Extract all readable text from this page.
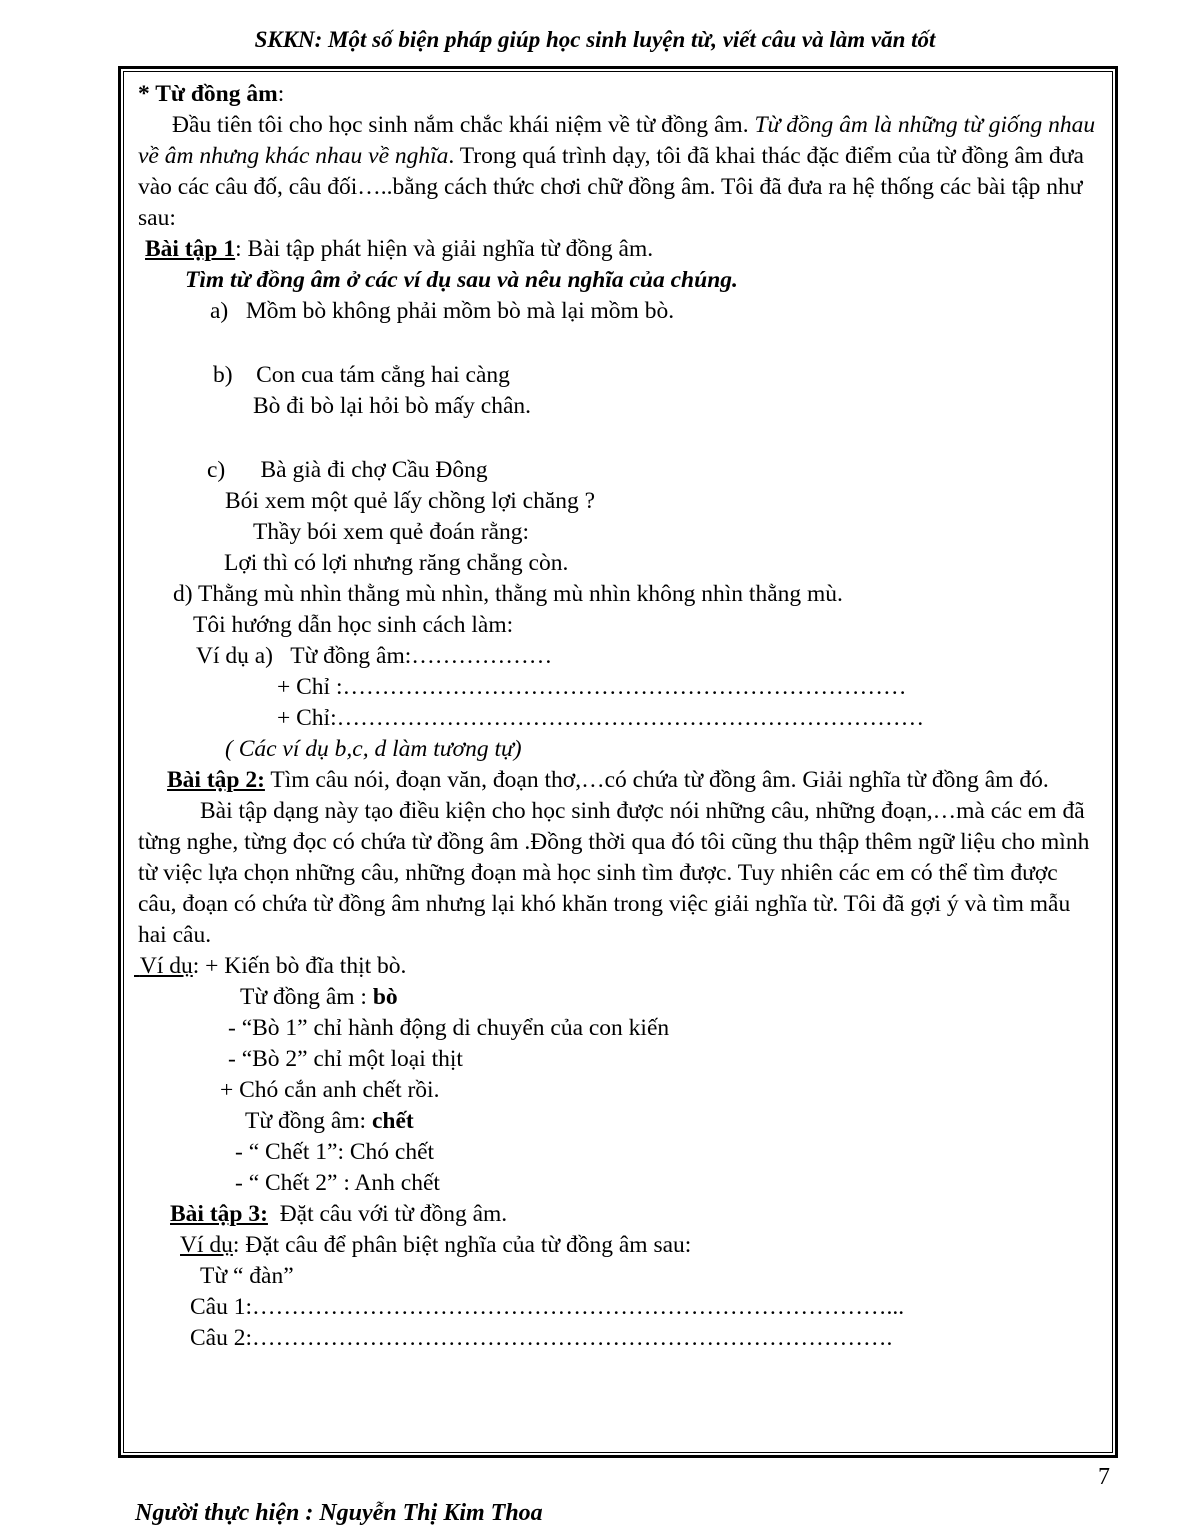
SKKN: Một số biện pháp giúp học sinh luyện từ, viết câu và làm văn tốt
* Từ đồng âm:
Đầu tiên tôi cho học sinh nắm chắc khái niệm về từ đồng âm. Từ đồng âm là những từ giống nhau về âm nhưng khác nhau về nghĩa. Trong quá trình dạy, tôi đã khai thác đặc điểm của từ đồng âm đưa vào các câu đố, câu đối…..bằng cách thức chơi chữ đồng âm. Tôi đã đưa ra hệ thống các bài tập như sau:
Bài tập 1: Bài tập phát hiện và giải nghĩa từ đồng âm.
Tìm từ đồng âm ở các ví dụ sau và nêu nghĩa của chúng.
a)   Mồm bò không phải mồm bò mà lại mồm bò.
b)    Con cua tám cẳng hai càng
Bò đi bò lại hỏi bò mấy chân.
c)      Bà già đi chợ Cầu Đông
Bói xem một quẻ lấy chồng lợi chăng ?
Thầy bói xem quẻ đoán rằng:
Lợi thì có lợi nhưng răng chẳng còn.
d) Thằng mù nhìn thằng mù nhìn, thằng mù nhìn không nhìn thằng mù.
Tôi hướng dẫn học sinh cách làm:
Ví dụ a)   Từ đồng âm:………………
+ Chỉ :………………………………………………………………
+ Chỉ:…………………………………………………………………
( Các ví dụ b,c, d làm tương tự)
Bài tập 2: Tìm câu nói, đoạn văn, đoạn thơ,…có chứa từ đồng âm. Giải nghĩa từ đồng âm đó.
Bài tập dạng này tạo điều kiện cho học sinh được nói những câu, những đoạn,…mà các em đã từng nghe, từng đọc có chứa từ đồng âm .Đồng thời qua đó tôi cũng thu thập thêm ngữ liệu cho mình từ việc lựa chọn những câu, những đoạn mà học sinh tìm được. Tuy nhiên các em có thể tìm được câu, đoạn có chứa từ đồng âm nhưng lại khó khăn trong việc giải nghĩa từ. Tôi đã gợi ý và tìm mẫu hai câu.
Ví dụ: + Kiến bò đĩa thịt bò.
Từ đồng âm : bò
- “Bò 1” chỉ hành động di chuyển của con kiến
- “Bò 2” chỉ một loại thịt
+ Chó cắn anh chết rồi.
Từ đồng âm: chết
- “ Chết 1”: Chó chết
- “ Chết 2” : Anh chết
Bài tập 3:  Đặt câu với từ đồng âm.
Ví dụ: Đặt câu để phân biệt nghĩa của từ đồng âm sau:
Từ “ đàn”
Câu 1:………………………………………………………………………...
Câu 2:……………………………………………………………………….
7
Người thực hiện : Nguyễn Thị Kim Thoa
